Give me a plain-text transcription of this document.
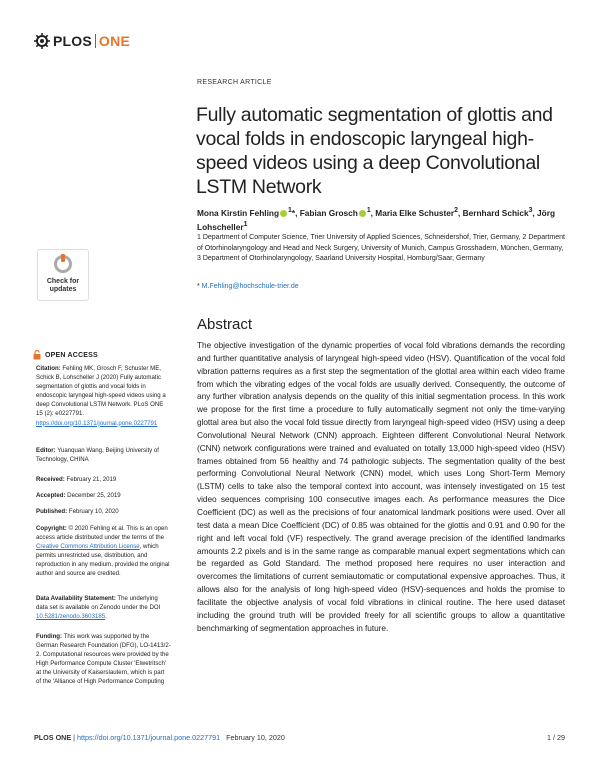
PLOS ONE
RESEARCH ARTICLE
Fully automatic segmentation of glottis and vocal folds in endoscopic laryngeal high-speed videos using a deep Convolutional LSTM Network
Mona Kirstin Fehling $^1$*, Fabian Grosch $^1$, Maria Elke Schuster$^2$, Bernhard Schick$^3$, Jörg Lohscheller$^1$
1 Department of Computer Science, Trier University of Applied Sciences, Schneidershof, Trier, Germany, 2 Department of Otorhinolaryngology and Head and Neck Surgery, University of Munich, Campus Grosshadern, München, Germany, 3 Department of Otorhinolaryngology, Saarland University Hospital, Homburg/Saar, Germany
* M.Fehling@hochschule-trier.de
Abstract
The objective investigation of the dynamic properties of vocal fold vibrations demands the recording and further quantitative analysis of laryngeal high-speed video (HSV). Quantification of the vocal fold vibration patterns requires as a first step the segmentation of the glottal area within each video frame from which the vibrating edges of the vocal folds are usually derived. Consequently, the outcome of any further vibration analysis depends on the quality of this initial segmentation process. In this work we propose for the first time a procedure to fully automatically segment not only the time-varying glottal area but also the vocal fold tissue directly from laryngeal high-speed video (HSV) using a deep Convolutional Neural Network (CNN) approach. Eighteen different Convolutional Neural Network (CNN) network configurations were trained and evaluated on totally 13,000 high-speed video (HSV) frames obtained from 56 healthy and 74 pathologic subjects. The segmentation quality of the best performing Convolutional Neural Network (CNN) model, which uses Long Short-Term Memory (LSTM) cells to take also the temporal context into account, was intensely investigated on 15 test video sequences comprising 100 consecutive images each. As performance measures the Dice Coefficient (DC) as well as the precisions of four anatomical landmark positions were used. Over all test data a mean Dice Coefficient (DC) of 0.85 was obtained for the glottis and 0.91 and 0.90 for the right and left vocal fold (VF) respectively. The grand average precision of the identified landmarks amounts 2.2 pixels and is in the same range as comparable manual expert segmentations which can be regarded as Gold Standard. The method proposed here requires no user interaction and overcomes the limitations of current semiautomatic or computational expensive approaches. Thus, it allows also for the analysis of long high-speed video (HSV)-sequences and holds the promise to facilitate the objective analysis of vocal fold vibrations in clinical routine. The here used dataset including the ground truth will be provided freely for all scientific groups to allow a quantitative benchmarking of segmentation approaches in future.
Check for updates
OPEN ACCESS
Citation: Fehling MK, Grosch F, Schuster ME, Schick B, Lohscheller J (2020) Fully automatic segmentation of glottis and vocal folds in endoscopic laryngeal high-speed videos using a deep Convolutional LSTM Network. PLoS ONE 15 (2): e0227791. https://doi.org/10.1371/journal.pone.0227791
Editor: Yuanquan Wang, Beijing University of Technology, CHINA
Received: February 21, 2019
Accepted: December 25, 2019
Published: February 10, 2020
Copyright: © 2020 Fehling et al. This is an open access article distributed under the terms of the Creative Commons Attribution License, which permits unrestricted use, distribution, and reproduction in any medium, provided the original author and source are credited.
Data Availability Statement: The underlying data set is available on Zenodo under the DOI 10.5281/zenodo.3603185.
Funding: This work was supported by the German Research Foundation (DFG), LO-1413/2-2. Computational resources were provided by the High Performance Compute Cluster 'Elwetritsch' at the University of Kaiserslautern, which is part of the 'Alliance of High Performance Computing
PLOS ONE | https://doi.org/10.1371/journal.pone.0227791 February 10, 2020	1 / 29
